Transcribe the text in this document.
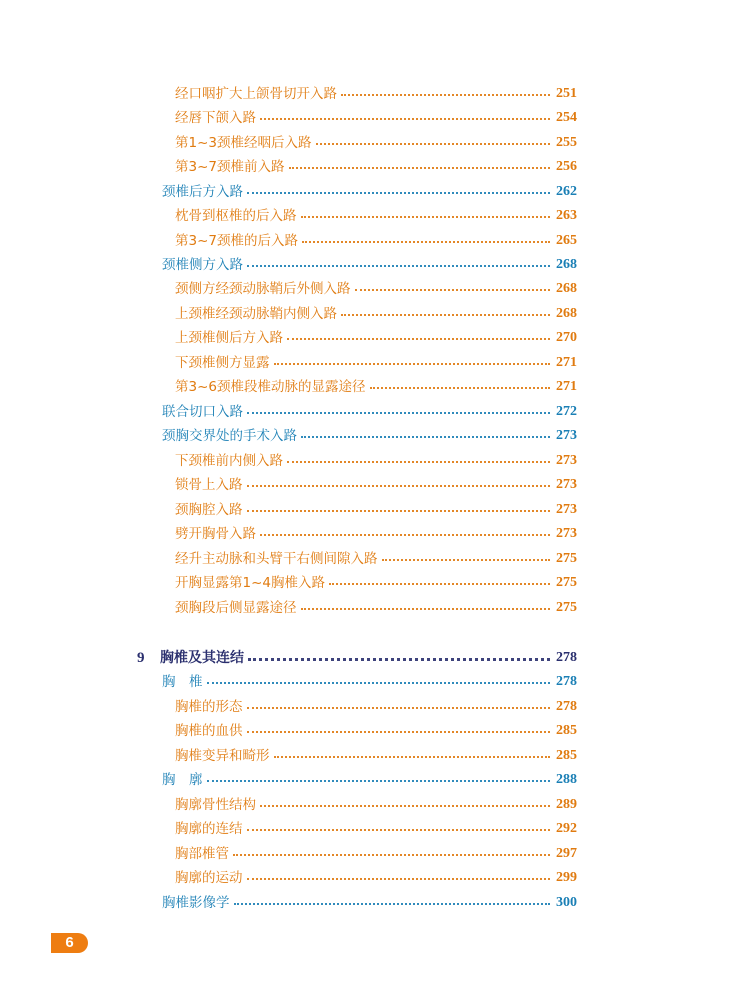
经口咽扩大上颌骨切开入路	251
经唇下颌入路	254
第1~3颈椎经咽后入路	255
第3~7颈椎前入路	256
颈椎后方入路	262
枕骨到枢椎的后入路	263
第3~7颈椎的后入路	265
颈椎侧方入路	268
颈侧方经颈动脉鞘后外侧入路	268
上颈椎经颈动脉鞘内侧入路	268
上颈椎侧后方入路	270
下颈椎侧方显露	271
第3~6颈椎段椎动脉的显露途径	271
联合切口入路	272
颈胸交界处的手术入路	273
下颈椎前内侧入路	273
锁骨上入路	273
颈胸腔入路	273
劈开胸骨入路	273
经升主动脉和头臂干右侧间隙入路	275
开胸显露第1~4胸椎入路	275
颈胸段后侧显露途径	275
9	胸椎及其连结	278
胸　椎	278
胸椎的形态	278
胸椎的血供	285
胸椎变异和畸形	285
胸　廓	288
胸廓骨性结构	289
胸廓的连结	292
胸部椎管	297
胸廓的运动	299
胸椎影像学	300
6
